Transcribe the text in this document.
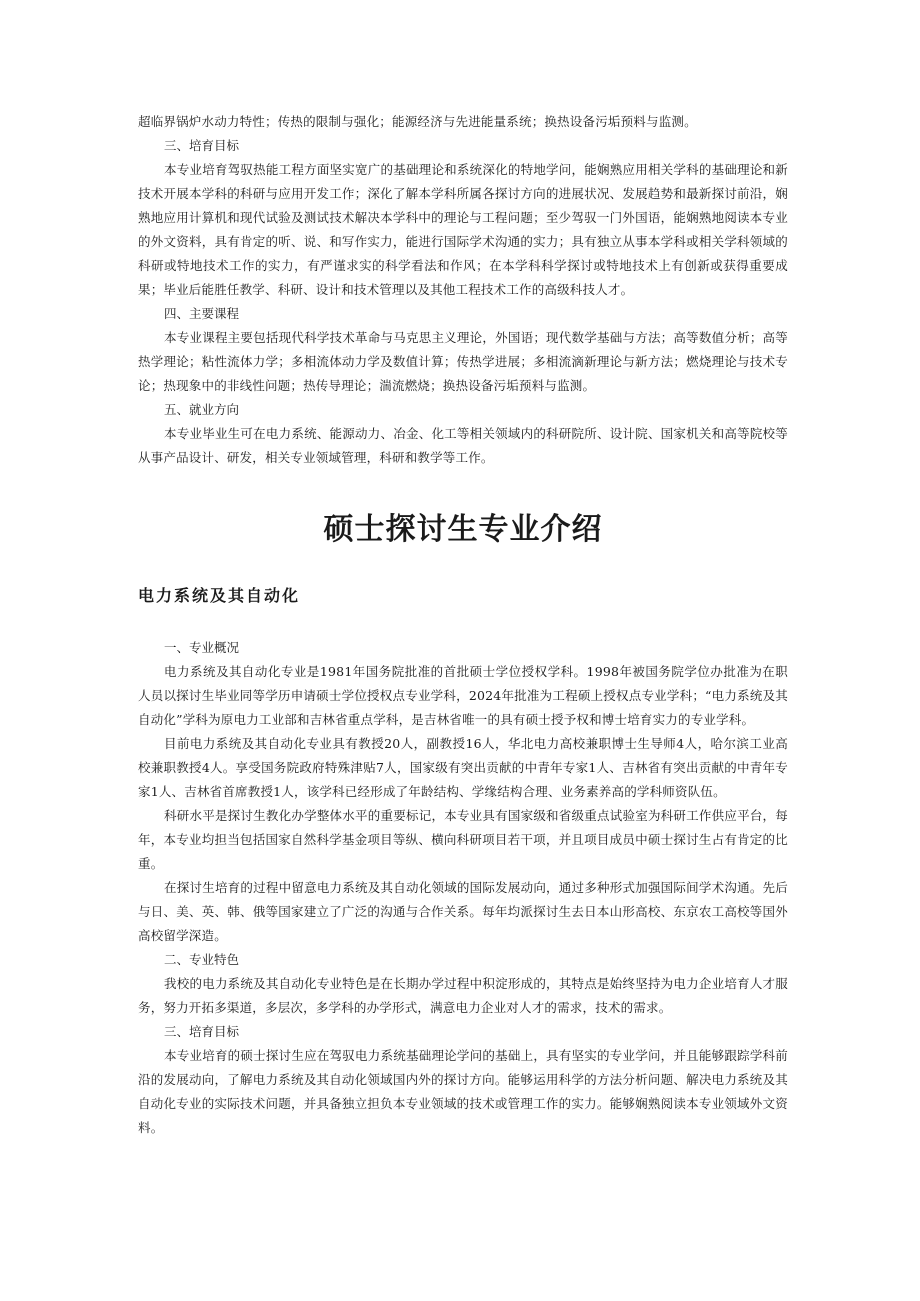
超临界锅炉水动力特性；传热的限制与强化；能源经济与先进能量系统；换热设备污垢预料与监测。

三、培育目标

本专业培育驾驭热能工程方面坚实宽广的基础理论和系统深化的特地学问，能娴熟应用相关学科的基础理论和新技术开展本学科的科研与应用开发工作；深化了解本学科所属各探讨方向的进展状况、发展趋势和最新探讨前沿，娴熟地应用计算机和现代试验及测试技术解决本学科中的理论与工程问题；至少驾驭一门外国语，能娴熟地阅读本专业的外文资料，具有肯定的听、说、和写作实力，能进行国际学术沟通的实力；具有独立从事本学科或相关学科领域的科研或特地技术工作的实力，有严谨求实的科学看法和作风；在本学科科学探讨或特地技术上有创新或获得重要成果；毕业后能胜任教学、科研、设计和技术管理以及其他工程技术工作的高级科技人才。

四、主要课程

本专业课程主要包括现代科学技术革命与马克思主义理论，外国语；现代数学基础与方法；高等数值分析；高等热学理论；粘性流体力学；多相流体动力学及数值计算；传热学进展；多相流滴新理论与新方法；燃烧理论与技术专论；热现象中的非线性问题；热传导理论；湍流燃烧；换热设备污垢预料与监测。

五、就业方向

本专业毕业生可在电力系统、能源动力、冶金、化工等相关领域内的科研院所、设计院、国家机关和高等院校等从事产品设计、研发，相关专业领域管理，科研和教学等工作。

硕士探讨生专业介绍
电力系统及其自动化

一、专业概况

电力系统及其自动化专业是1981年国务院批准的首批硕士学位授权学科。1998年被国务院学位办批准为在职人员以探讨生毕业同等学历申请硕士学位授权点专业学科，2024年批准为工程硕上授权点专业学科；“电力系统及其自动化”学科为原电力工业部和吉林省重点学科，是吉林省唯一的具有硕士授予权和博士培育实力的专业学科。

目前电力系统及其自动化专业具有教授20人，副教授16人，华北电力高校兼职博士生导师4人，哈尔滨工业高校兼职教授4人。享受国务院政府特殊津贴7人，国家级有突出贡献的中青年专家1人、吉林省有突出贡献的中青年专家1人、吉林省首席教授1人，该学科已经形成了年龄结构、学缘结构合理、业务素养高的学科师资队伍。

科研水平是探讨生教化办学整体水平的重要标记，本专业具有国家级和省级重点试验室为科研工作供应平台，每年，本专业均担当包括国家自然科学基金项目等纵、横向科研项目若干项，并且项目成员中硕士探讨生占有肯定的比重。

在探讨生培育的过程中留意电力系统及其自动化领域的国际发展动向，通过多种形式加强国际间学术沟通。先后与日、美、英、韩、俄等国家建立了广泛的沟通与合作关系。每年均派探讨生去日本山形高校、东京农工高校等国外高校留学深造。

二、专业特色

我校的电力系统及其自动化专业特色是在长期办学过程中积淀形成的，其特点是始终坚持为电力企业培育人才服务，努力开拓多渠道，多层次，多学科的办学形式，满意电力企业对人才的需求，技术的需求。

三、培育目标

本专业培育的硕士探讨生应在驾驭电力系统基础理论学问的基础上，具有坚实的专业学问，并且能够跟踪学科前沿的发展动向，了解电力系统及其自动化领域国内外的探讨方向。能够运用科学的方法分析问题、解决电力系统及其自动化专业的实际技术问题，并具备独立担负本专业领域的技术或管理工作的实力。能够娴熟阅读本专业领域外文资料。
